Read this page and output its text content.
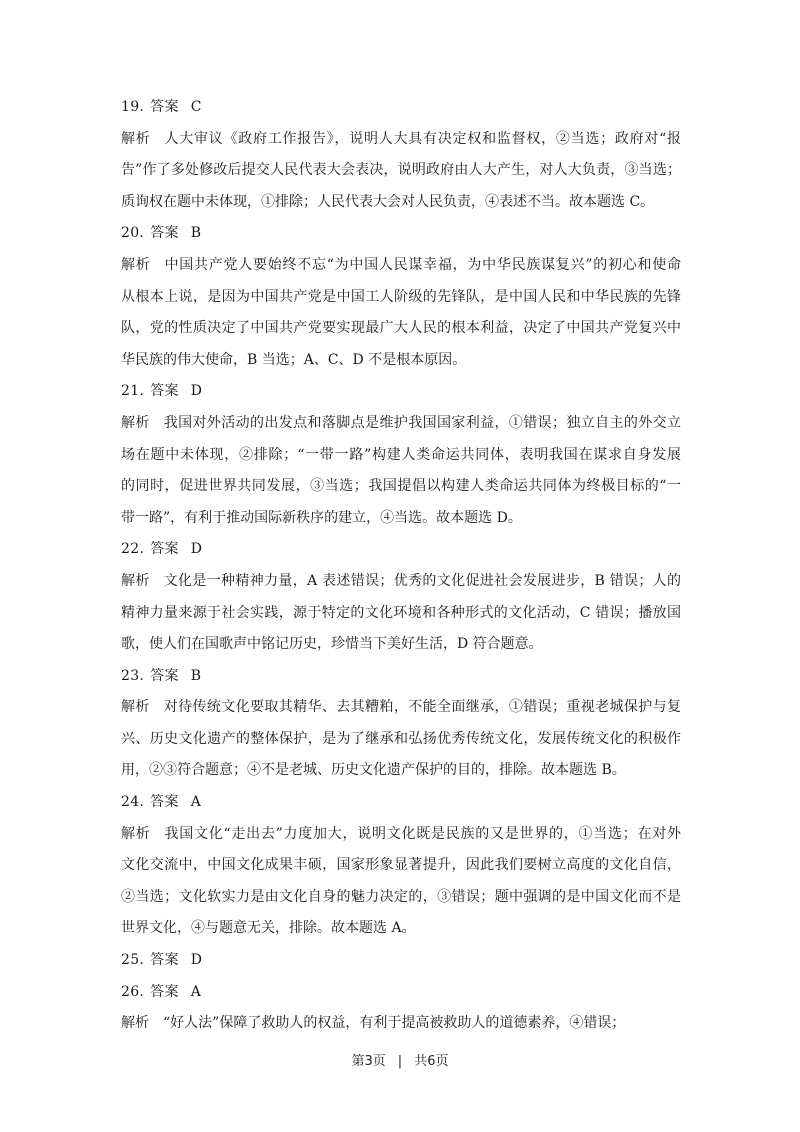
19. 答案 C
解析 人大审议《政府工作报告》，说明人大具有决定权和监督权，②当选；政府对“报
告”作了多处修改后提交人民代表大会表决，说明政府由人大产生，对人大负责，③当选；
质询权在题中未体现，①排除；人民代表大会对人民负责，④表述不当。故本题选 C。
20. 答案 B
解析 中国共产党人要始终不忘“为中国人民谋幸福，为中华民族谋复兴”的初心和使命
从根本上说，是因为中国共产党是中国工人阶级的先锋队，是中国人民和中华民族的先锋
队，党的性质决定了中国共产党要实现最广大人民的根本利益，决定了中国共产党复兴中
华民族的伟大使命，B 当选；A、C、D 不是根本原因。
21. 答案 D
解析 我国对外活动的出发点和落脚点是维护我国国家利益，①错误；独立自主的外交立
场在题中未体现，②排除；“一带一路”构建人类命运共同体，表明我国在谋求自身发展
的同时，促进世界共同发展，③当选；我国提倡以构建人类命运共同体为终极目标的“一
带一路”，有利于推动国际新秩序的建立，④当选。故本题选 D。
22. 答案 D
解析 文化是一种精神力量，A 表述错误；优秀的文化促进社会发展进步，B 错误；人的
精神力量来源于社会实践，源于特定的文化环境和各种形式的文化活动，C 错误；播放国
歌，使人们在国歌声中铭记历史，珍惜当下美好生活，D 符合题意。
23. 答案 B
解析 对待传统文化要取其精华、去其糟粕，不能全面继承，①错误；重视老城保护与复
兴、历史文化遗产的整体保护，是为了继承和弘扬优秀传统文化，发展传统文化的积极作
用，②③符合题意；④不是老城、历史文化遗产保护的目的，排除。故本题选 B。
24. 答案 A
解析 我国文化“走出去”力度加大，说明文化既是民族的又是世界的，①当选；在对外
文化交流中，中国文化成果丰硕，国家形象显著提升，因此我们要树立高度的文化自信，
②当选；文化软实力是由文化自身的魅力决定的，③错误；题中强调的是中国文化而不是
世界文化，④与题意无关，排除。故本题选 A。
25. 答案 D
26. 答案 A
解析 “好人法”保障了救助人的权益，有利于提高被救助人的道德素养，④错误；
第3页 | 共6页
